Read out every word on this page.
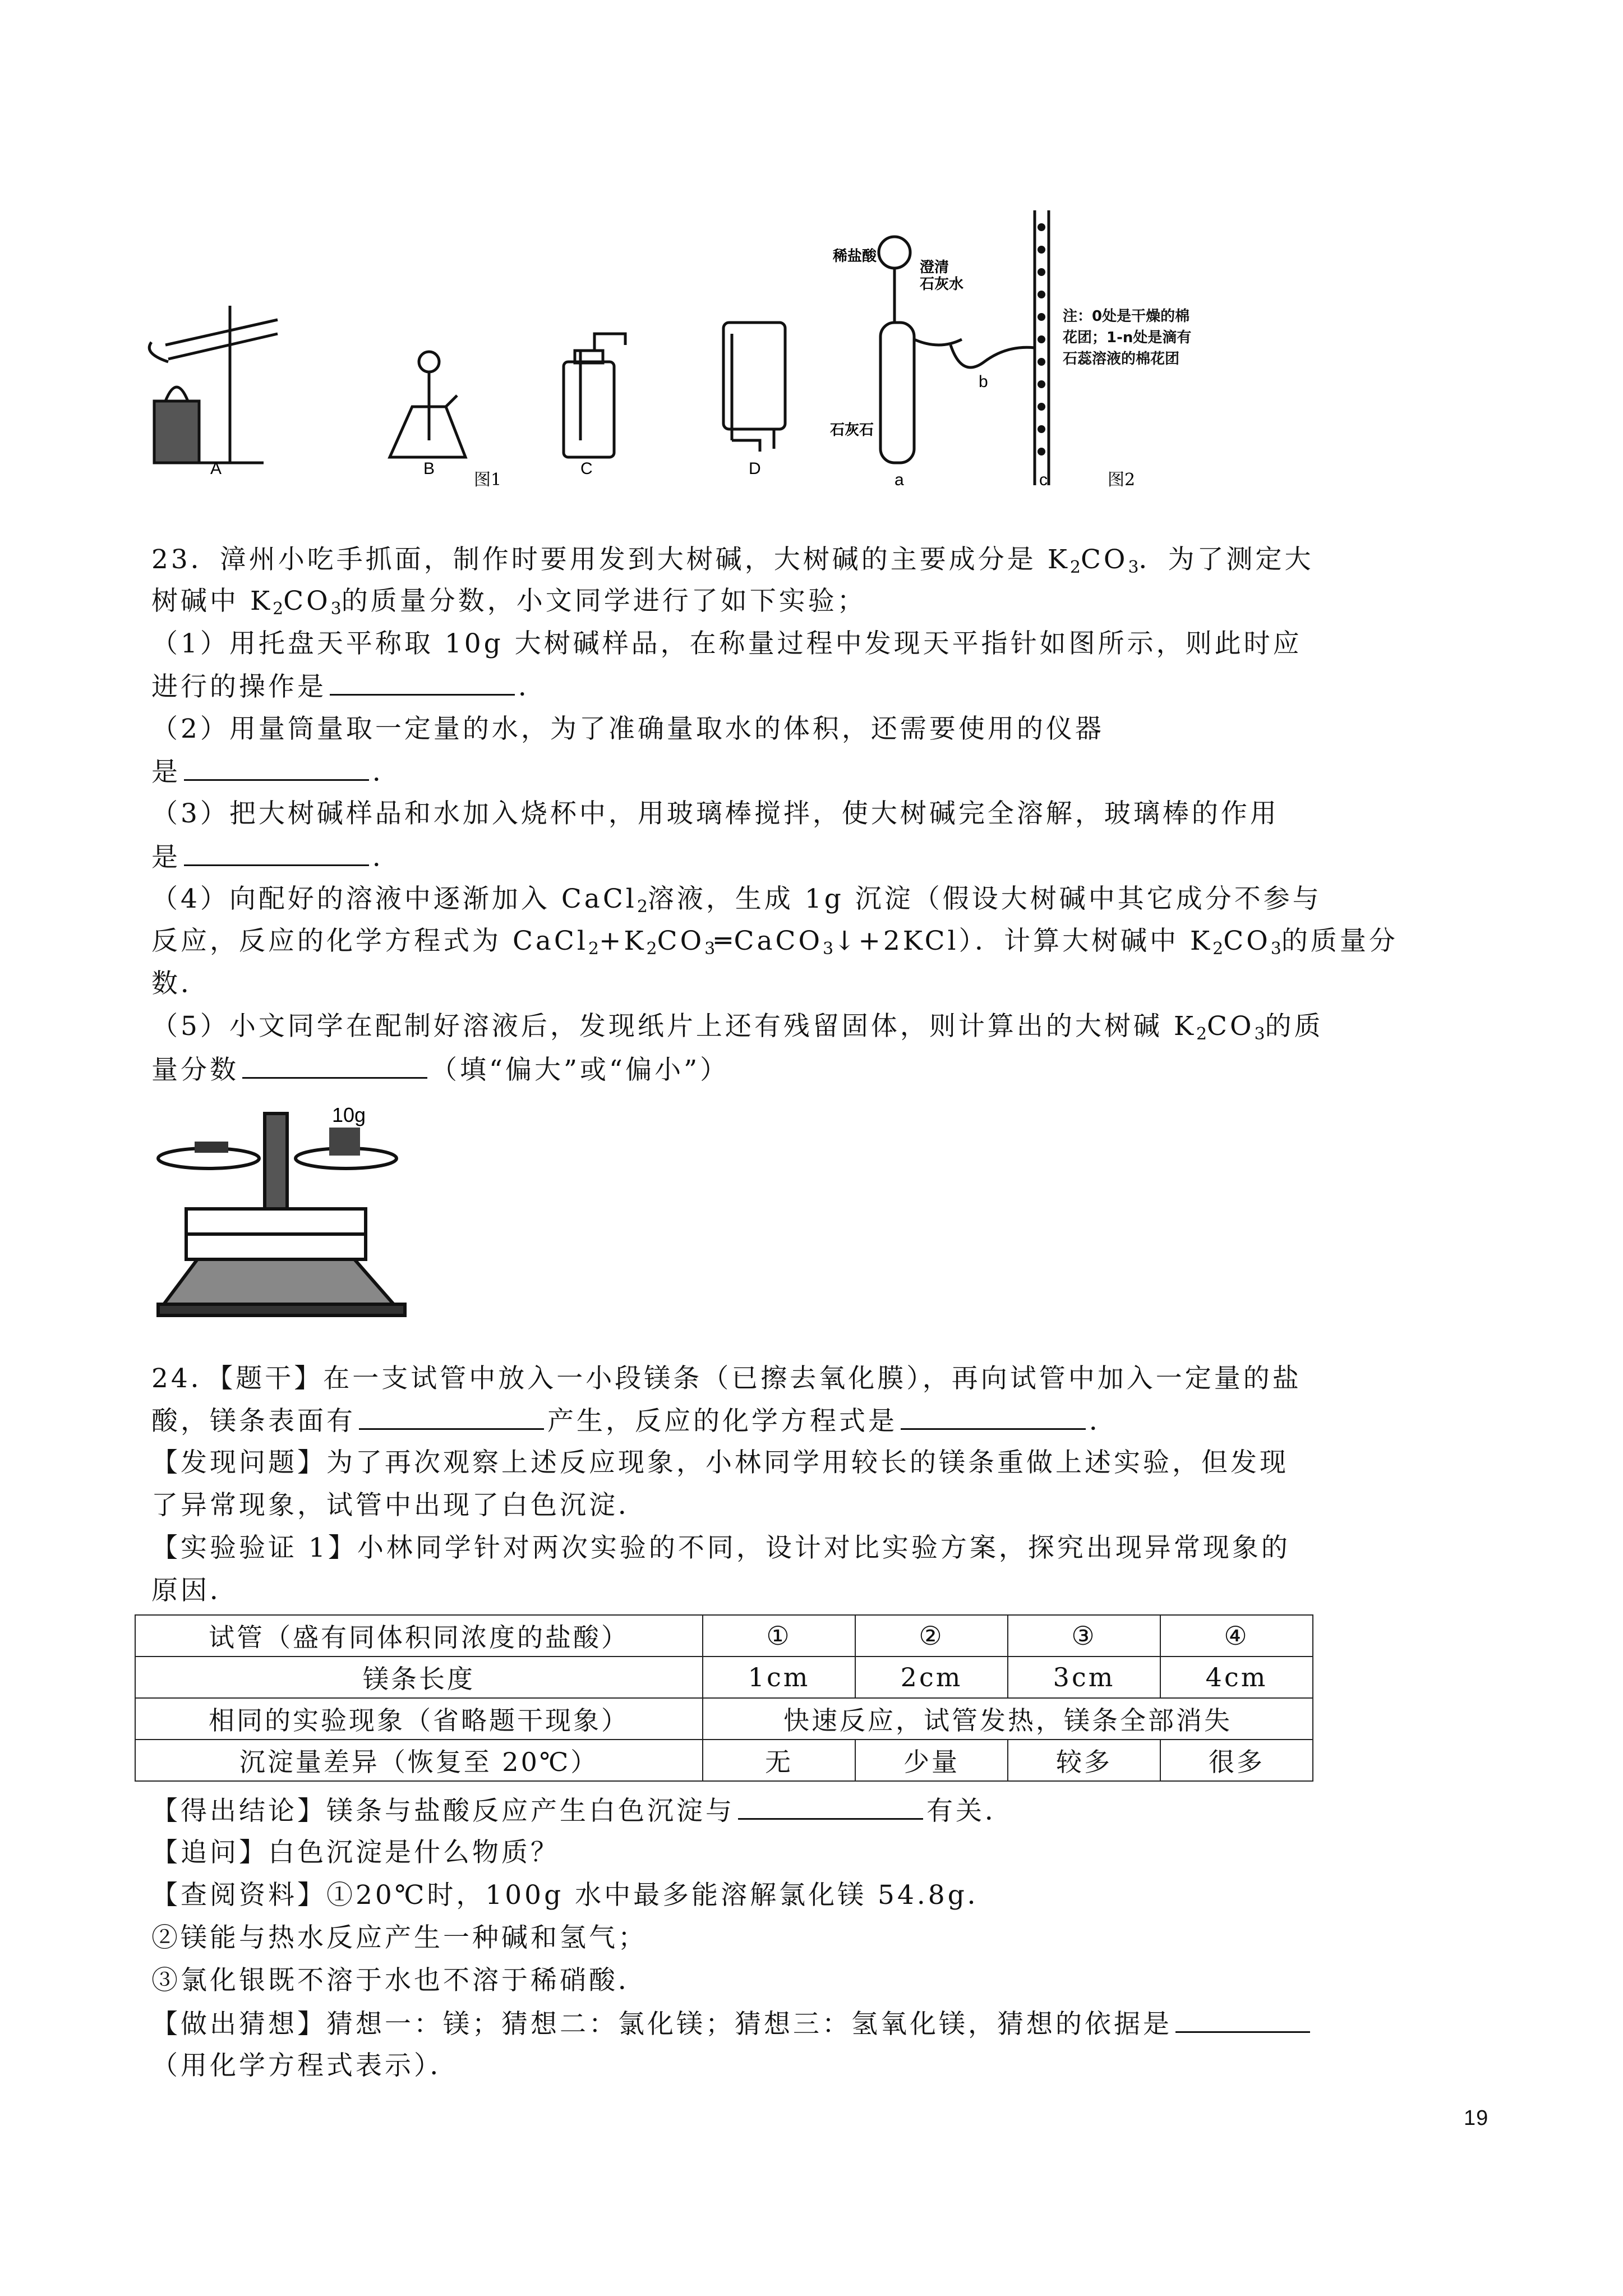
A	B	C	D
图1
稀盐酸
澄清石灰水
石灰石
a
b
c	图2
注：0处是干燥的棉花团；1-n处是滴有石蕊溶液的棉花团
23．漳州小吃手抓面，制作时要用发到大树碱，大树碱的主要成分是 $K_2CO_3$．为了测定大
树碱中 $K_2CO_3$的质量分数，小文同学进行了如下实验；
（1）用托盘天平称取 10g 大树碱样品，在称量过程中发现天平指针如图所示，则此时应
进行的操作是	．
（2）用量筒量取一定量的水，为了准确量取水的体积，还需要使用的仪器
是	．
（3）把大树碱样品和水加入烧杯中，用玻璃棒搅拌，使大树碱完全溶解，玻璃棒的作用
是	．
（4）向配好的溶液中逐渐加入 CaCl$_2$溶液，生成 1g 沉淀（假设大树碱中其它成分不参与
反应，反应的化学方程式为 $CaCl_2+K_2CO_3═CaCO_3↓+2KCl$）．计算大树碱中 $K_2CO_3$的质量分
数．
（5）小文同学在配制好溶液后，发现纸片上还有残留固体，则计算出的大树碱 $K_2CO_3$的质
量分数	（填“偏大”或“偏小”）
10g
24．【题干】在一支试管中放入一小段镁条（已擦去氧化膜），再向试管中加入一定量的盐
酸，镁条表面有	产生，反应的化学方程式是	．
【发现问题】为了再次观察上述反应现象，小林同学用较长的镁条重做上述实验，但发现
了异常现象，试管中出现了白色沉淀．
【实验验证 1】小林同学针对两次实验的不同，设计对比实验方案，探究出现异常现象的
原因．
试管（盛有同体积同浓度的盐酸）	①	②	③	④
镁条长度	1cm	2cm	3cm	4cm
相同的实验现象（省略题干现象）	快速反应，试管发热，镁条全部消失			
沉淀量差异（恢复至 20℃）	无	少量	较多	很多
【得出结论】镁条与盐酸反应产生白色沉淀与	有关．
【追问】白色沉淀是什么物质？
【查阅资料】①20℃时，100g 水中最多能溶解氯化镁 54.8g．
②镁能与热水反应产生一种碱和氢气；
③氯化银既不溶于水也不溶于稀硝酸．
【做出猜想】猜想一：镁；猜想二：氯化镁；猜想三：氢氧化镁，猜想的依据是
（用化学方程式表示）．
19
